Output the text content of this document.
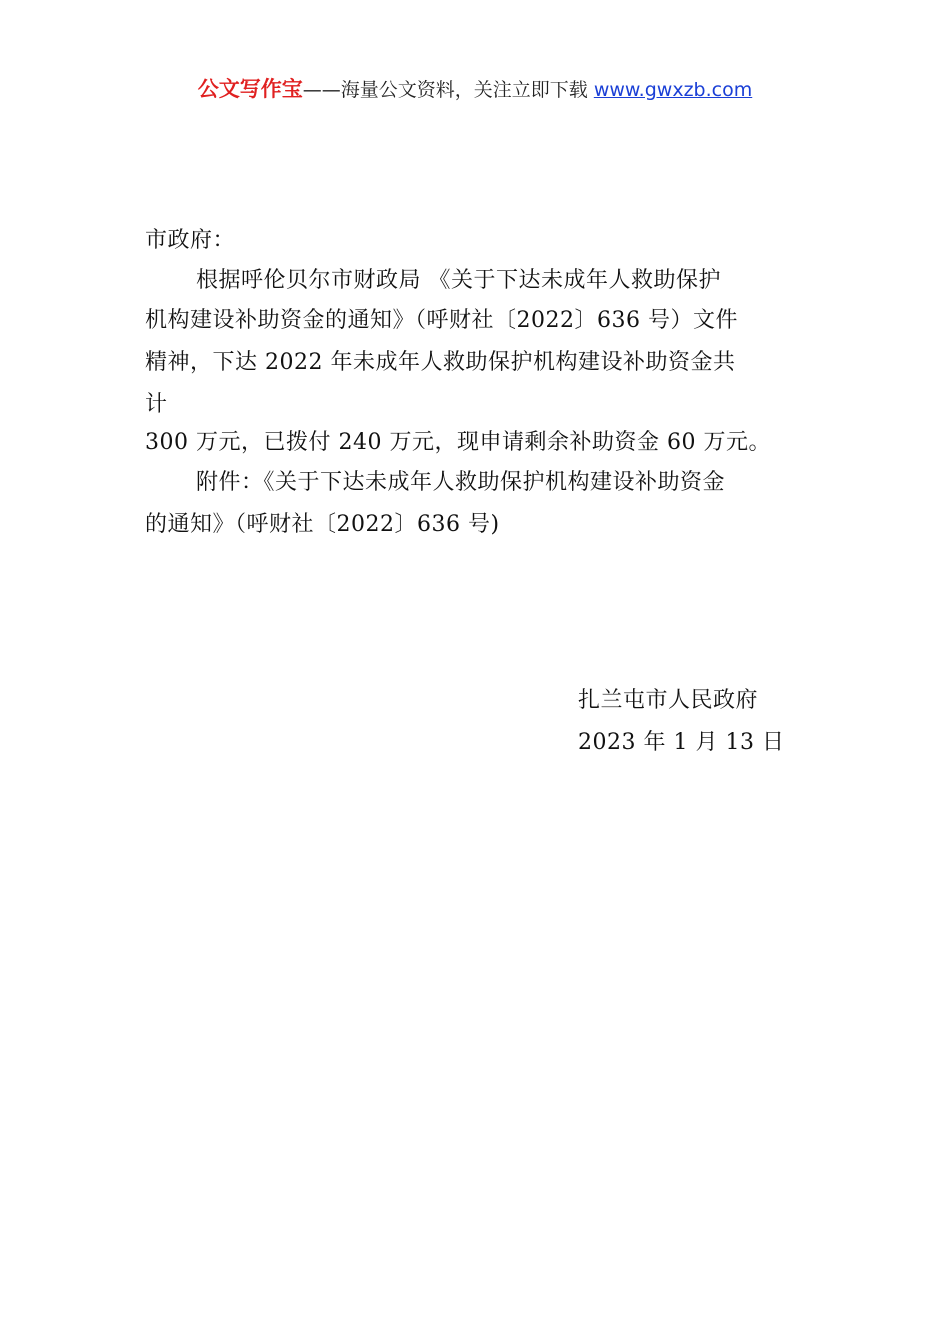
公文写作宝——海量公文资料，关注立即下载 www.gwxzb.com
市政府：
根据呼伦贝尔市财政局 《关于下达未成年人救助保护
机构建设补助资金的通知》（呼财社〔2022〕636 号）文件
精神，下达 2022 年未成年人救助保护机构建设补助资金共
计
300 万元，已拨付 240 万元，现申请剩余补助资金 60 万元。
附件：《关于下达未成年人救助保护机构建设补助资金
的通知》（呼财社〔2022〕636 号)
扎兰屯市人民政府
2023 年 1 月 13 日
